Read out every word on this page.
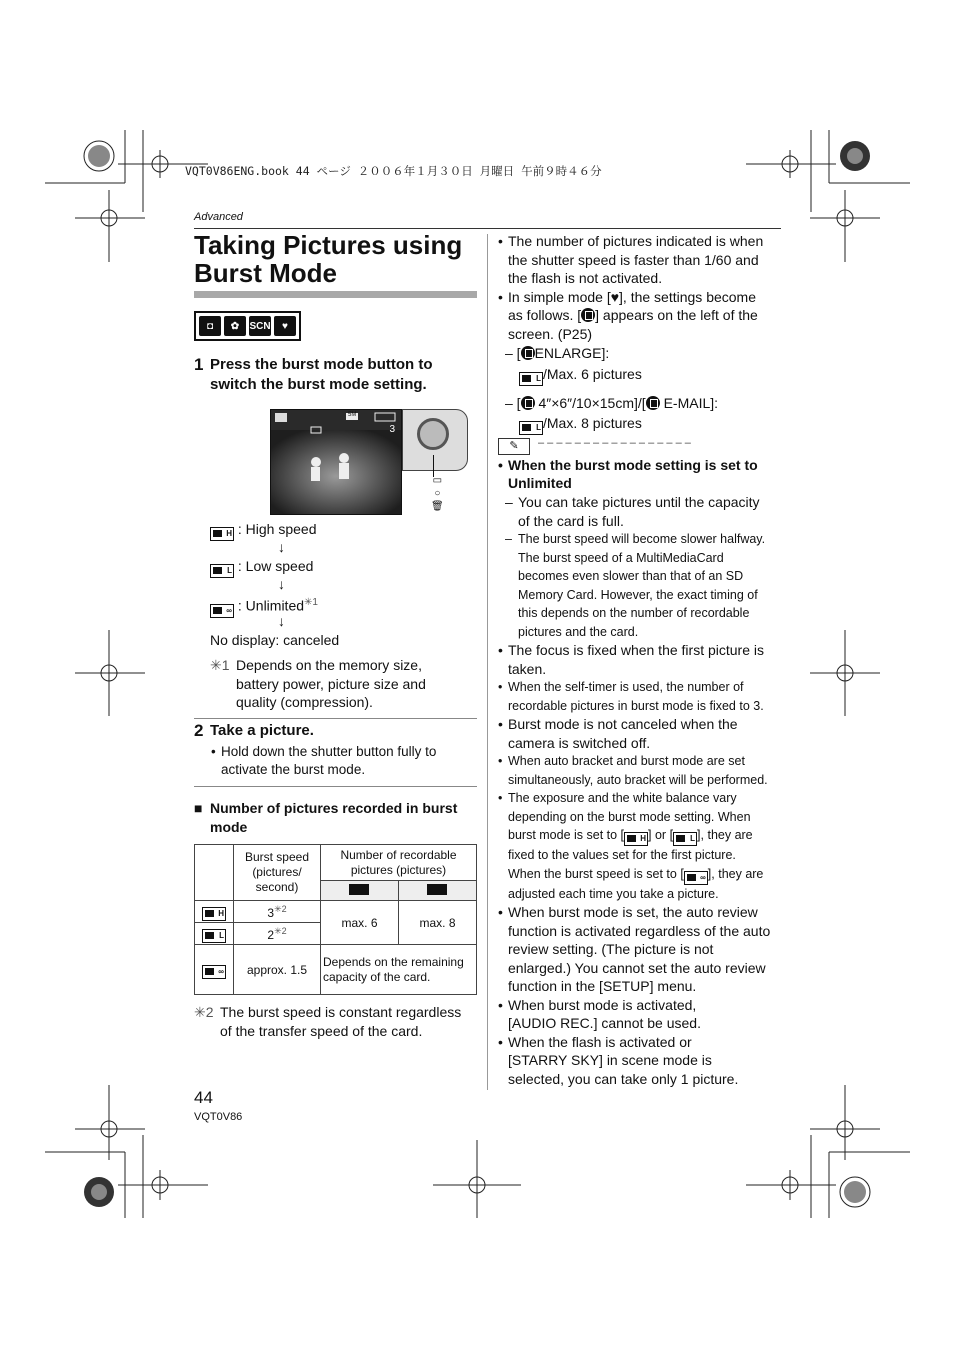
VQT0V86ENG.book 44 ページ ２００６年１月３０日 月曜日 午前９時４６分
Advanced
Taking Pictures using
Burst Mode
◘	✿	SCN	♥
1 Press the burst mode button to
switch the burst mode setting.
3
5M
▭
○
🗑
H : High speed
↓
L : Low speed
↓
∞ : Unlimited$^{✳1}$
↓
No display: canceled
✳1 Depends on the memory size,
battery power, picture size and
quality (compression).
2 Take a picture.
• Hold down the shutter button fully to
activate the burst mode.
■ Number of pictures recorded in burst
mode
	Burst speed (pictures/ second)	Number of recordable pictures (pictures)	

H	$3^{✳2}$	max. 6	max. 8
L	$2^{✳2}$
∞	approx. 1.5	Depends on the remaining capacity of the card.	
✳2 The burst speed is constant regardless
of the transfer speed of the card.
44
VQT0V86
• The number of pictures indicated is when
the shutter speed is faster than 1/60 and
the flash is not activated.
• In simple mode [♥], the settings become
as follows. [ ] appears on the left of the
screen. (P25)
– [ ENLARGE]:
L /Max. 6 pictures
– [ 4″×6″/10×15cm]/[ E-MAIL]:
L /Max. 8 pictures
✎	– – – – – – – – – – – – – – – – –
• When the burst mode setting is set to
Unlimited
– You can take pictures until the capacity
of the card is full.
– The burst speed will become slower halfway.
The burst speed of a MultiMediaCard
becomes even slower than that of an SD
Memory Card. However, the exact timing of
this depends on the number of recordable
pictures and the card.
• The focus is fixed when the first picture is
taken.
• When the self-timer is used, the number of
recordable pictures in burst mode is fixed to 3.
• Burst mode is not canceled when the
camera is switched off.
• When auto bracket and burst mode are set
simultaneously, auto bracket will be performed.
• The exposure and the white balance vary
depending on the burst mode setting. When
burst mode is set to [ H ] or [ L ], they are
fixed to the values set for the first picture.
When the burst speed is set to [ ∞ ], they are
adjusted each time you take a picture.
• When burst mode is set, the auto review
function is activated regardless of the auto
review setting. (The picture is not
enlarged.) You cannot set the auto review
function in the [SETUP] menu.
• When burst mode is activated,
[AUDIO REC.] cannot be used.
• When the flash is activated or
[STARRY SKY] in scene mode is
selected, you can take only 1 picture.
